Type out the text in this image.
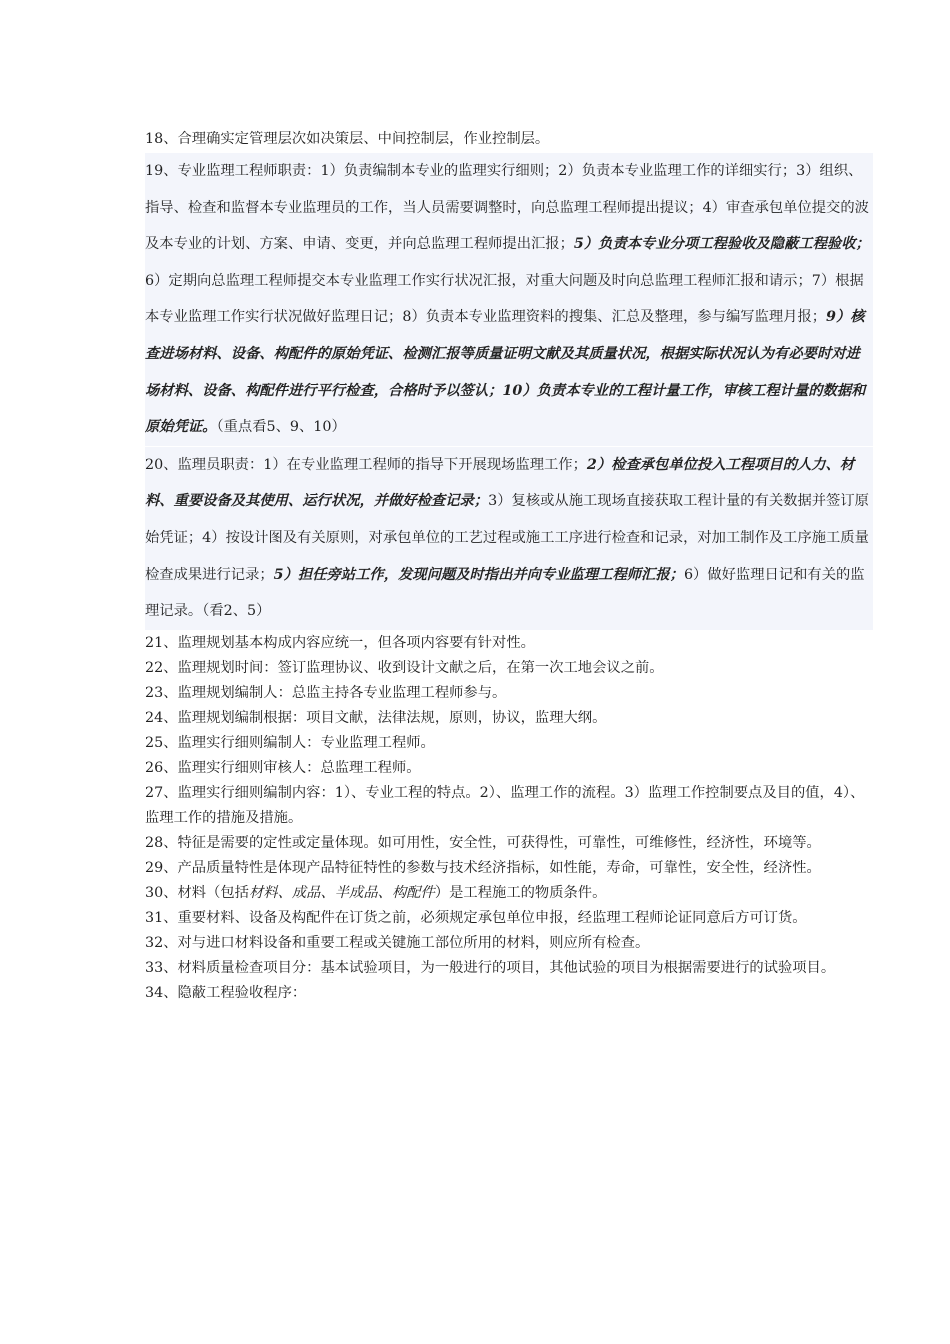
18、合理确实定管理层次如决策层、中间控制层，作业控制层。

19、专业监理工程师职责：1）负责编制本专业的监理实行细则；2）负责本专业监理工作的详细实行；3）组织、指导、检查和监督本专业监理员的工作，当人员需要调整时，向总监理工程师提出提议；4）审查承包单位提交的波及本专业的计划、方案、申请、变更，并向总监理工程师提出汇报；5）负责本专业分项工程验收及隐蔽工程验收；6）定期向总监理工程师提交本专业监理工作实行状况汇报，对重大问题及时向总监理工程师汇报和请示；7）根据本专业监理工作实行状况做好监理日记；8）负责本专业监理资料的搜集、汇总及整理，参与编写监理月报；9）核查进场材料、设备、构配件的原始凭证、检测汇报等质量证明文献及其质量状况，根据实际状况认为有必要时对进场材料、设备、构配件进行平行检查，合格时予以签认；10）负责本专业的工程计量工作，审核工程计量的数据和原始凭证。（重点看5、9、10）

20、监理员职责：1）在专业监理工程师的指导下开展现场监理工作；2）检查承包单位投入工程项目的人力、材料、重要设备及其使用、运行状况，并做好检查记录；3）复核或从施工现场直接获取工程计量的有关数据并签订原始凭证；4）按设计图及有关原则，对承包单位的工艺过程或施工工序进行检查和记录，对加工制作及工序施工质量检查成果进行记录；5）担任旁站工作，发现问题及时指出并向专业监理工程师汇报；6）做好监理日记和有关的监理记录。（看2、5）

21、监理规划基本构成内容应统一，但各项内容要有针对性。

22、监理规划时间：签订监理协议、收到设计文献之后，在第一次工地会议之前。

23、监理规划编制人：总监主持各专业监理工程师参与。

24、监理规划编制根据：项目文献，法律法规，原则，协议，监理大纲。

25、监理实行细则编制人：专业监理工程师。

26、监理实行细则审核人：总监理工程师。

27、监理实行细则编制内容：1）、专业工程的特点。2）、监理工作的流程。3）监理工作控制要点及目的值，4）、监理工作的措施及措施。

28、特征是需要的定性或定量体现。如可用性，安全性，可获得性，可靠性，可维修性，经济性，环境等。

29、产品质量特性是体现产品特征特性的参数与技术经济指标，如性能，寿命，可靠性，安全性，经济性。

30、材料（包括材料、成品、半成品、构配件）是工程施工的物质条件。

31、重要材料、设备及构配件在订货之前，必须规定承包单位申报，经监理工程师论证同意后方可订货。

32、对与进口材料设备和重要工程或关键施工部位所用的材料，则应所有检查。

33、材料质量检查项目分：基本试验项目，为一般进行的项目，其他试验的项目为根据需要进行的试验项目。

34、隐蔽工程验收程序：
